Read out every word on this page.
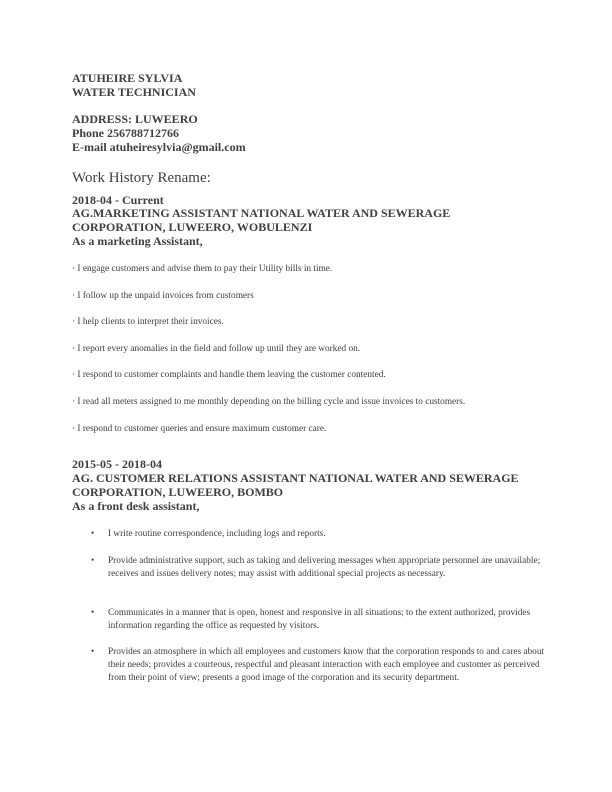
ATUHEIRE SYLVIA
WATER TECHNICIAN
ADDRESS: LUWEERO
Phone 256788712766
E-mail atuheiresylvia@gmail.com
Work History Rename:
2018-04 - Current
AG.MARKETING ASSISTANT NATIONAL WATER AND SEWERAGE
CORPORATION, LUWEERO, WOBULENZI
As a marketing Assistant,
· I engage customers and advise them to pay their Utility bills in time.
· I follow up the unpaid invoices from customers
· I help clients to interpret their invoices.
· I report every anomalies in the field and follow up until they are worked on.
· I respond to customer complaints and handle them leaving the customer contented.
· I read all meters assigned to me monthly depending on the billing cycle and issue invoices to customers.
· I respond to customer queries and ensure maximum customer care.
2015-05 - 2018-04
AG. CUSTOMER RELATIONS ASSISTANT NATIONAL WATER AND SEWERAGE
CORPORATION, LUWEERO, BOMBO
As a front desk assistant,
• I write routine correspondence, including logs and reports.
• Provide administrative support, such as taking and delivering messages when appropriate personnel are unavailable; receives and issues delivery notes; may assist with additional special projects as necessary.
• Communicates in a manner that is open, honest and responsive in all situations; to the extent authorized, provides information regarding the office as requested by visitors.
• Provides an atmosphere in which all employees and customers know that the corporation responds to and cares about their needs; provides a courteous, respectful and pleasant interaction with each employee and customer as perceived from their point of view; presents a good image of the corporation and its security department.
